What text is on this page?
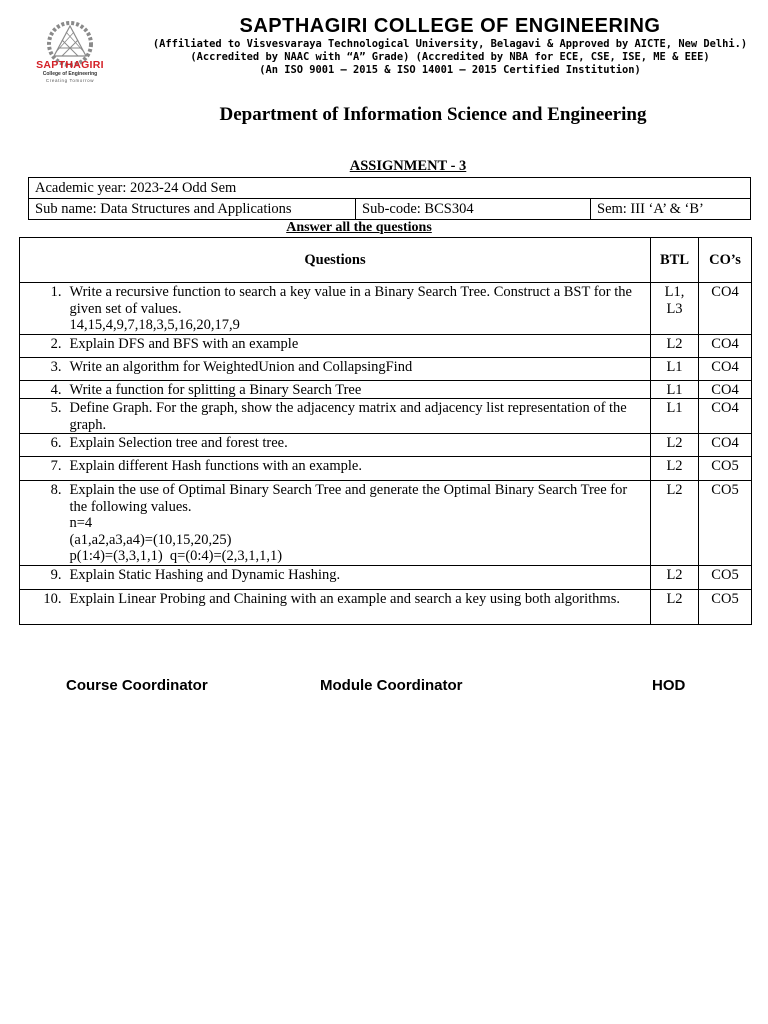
SAPTHAGIRI
College of Engineering
Creating Tomorrow
SAPTHAGIRI COLLEGE OF ENGINEERING
(Affiliated to Visvesvaraya Technological University, Belagavi & Approved by AICTE, New Delhi.)
(Accredited by NAAC with “A” Grade) (Accredited by NBA for ECE, CSE, ISE, ME & EEE)
(An ISO 9001 – 2015 & ISO 14001 – 2015 Certified Institution)
Department of Information Science and Engineering
ASSIGNMENT - 3
Academic year: 2023-24 Odd Sem
Sub name: Data Structures and Applications	Sub-code: BCS304	Sem: III ‘A’ & ‘B’
Answer all the questions
Questions		BTL	CO’s
1.	Write a recursive function to search a key value in a Binary Search Tree. Construct a BST for the given set of values.
14,15,4,9,7,18,3,5,16,20,17,9	L1, L3	CO4
2.	Explain DFS and BFS with an example	L2	CO4
3.	Write an algorithm for WeightedUnion and CollapsingFind	L1	CO4
4.	Write a function for splitting a Binary Search Tree	L1	CO4
5.	Define Graph. For the graph, show the adjacency matrix and adjacency list representation of the graph.	L1	CO4
6.	Explain Selection tree and forest tree.	L2	CO4
7.	Explain different Hash functions with an example.	L2	CO5
8.	Explain the use of Optimal Binary Search Tree and generate the Optimal Binary Search Tree for the following values.
n=4
(a1,a2,a3,a4)=(10,15,20,25)
p(1:4)=(3,3,1,1)  q=(0:4)=(2,3,1,1,1)	L2	CO5
9.	Explain Static Hashing and Dynamic Hashing.	L2	CO5
10.	Explain Linear Probing and Chaining with an example and search a key using both algorithms.	L2	CO5
Course Coordinator	Module Coordinator	HOD
